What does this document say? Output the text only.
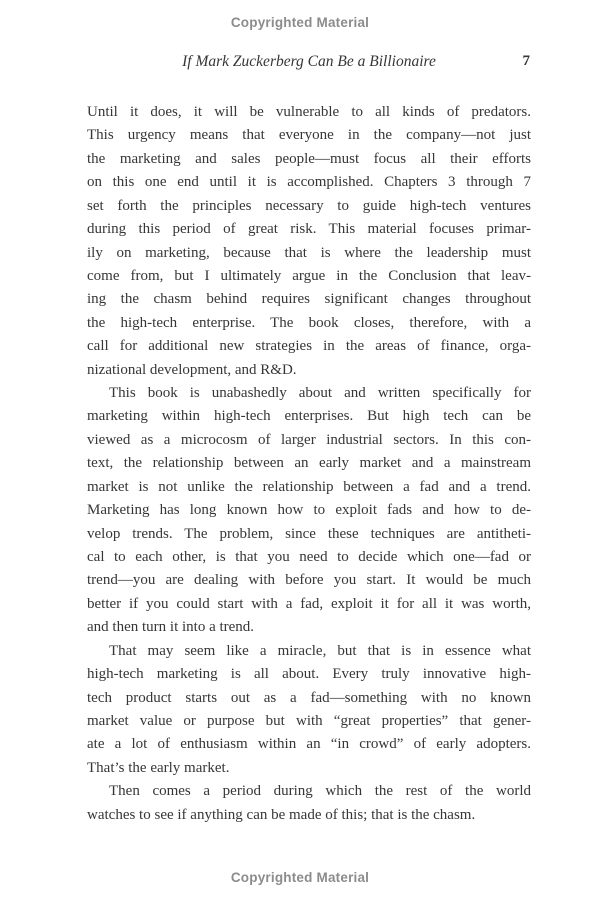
Copyrighted Material
If Mark Zuckerberg Can Be a Billionaire	7
Until it does, it will be vulnerable to all kinds of predators.
This urgency means that everyone in the company—not just
the marketing and sales people—must focus all their efforts
on this one end until it is accomplished. Chapters 3 through 7
set forth the principles necessary to guide high-tech ventures
during this period of great risk. This material focuses primar-
ily on marketing, because that is where the leadership must
come from, but I ultimately argue in the Conclusion that leav-
ing the chasm behind requires significant changes throughout
the high-tech enterprise. The book closes, therefore, with a
call for additional new strategies in the areas of finance, orga-
nizational development, and R&D.
This book is unabashedly about and written specifically for
marketing within high-tech enterprises. But high tech can be
viewed as a microcosm of larger industrial sectors. In this con-
text, the relationship between an early market and a mainstream
market is not unlike the relationship between a fad and a trend.
Marketing has long known how to exploit fads and how to de-
velop trends. The problem, since these techniques are antitheti-
cal to each other, is that you need to decide which one—fad or
trend—you are dealing with before you start. It would be much
better if you could start with a fad, exploit it for all it was worth,
and then turn it into a trend.
That may seem like a miracle, but that is in essence what
high-tech marketing is all about. Every truly innovative high-
tech product starts out as a fad—something with no known
market value or purpose but with “great properties” that gener-
ate a lot of enthusiasm within an “in crowd” of early adopters.
That’s the early market.
Then comes a period during which the rest of the world
watches to see if anything can be made of this; that is the chasm.
Copyrighted Material
